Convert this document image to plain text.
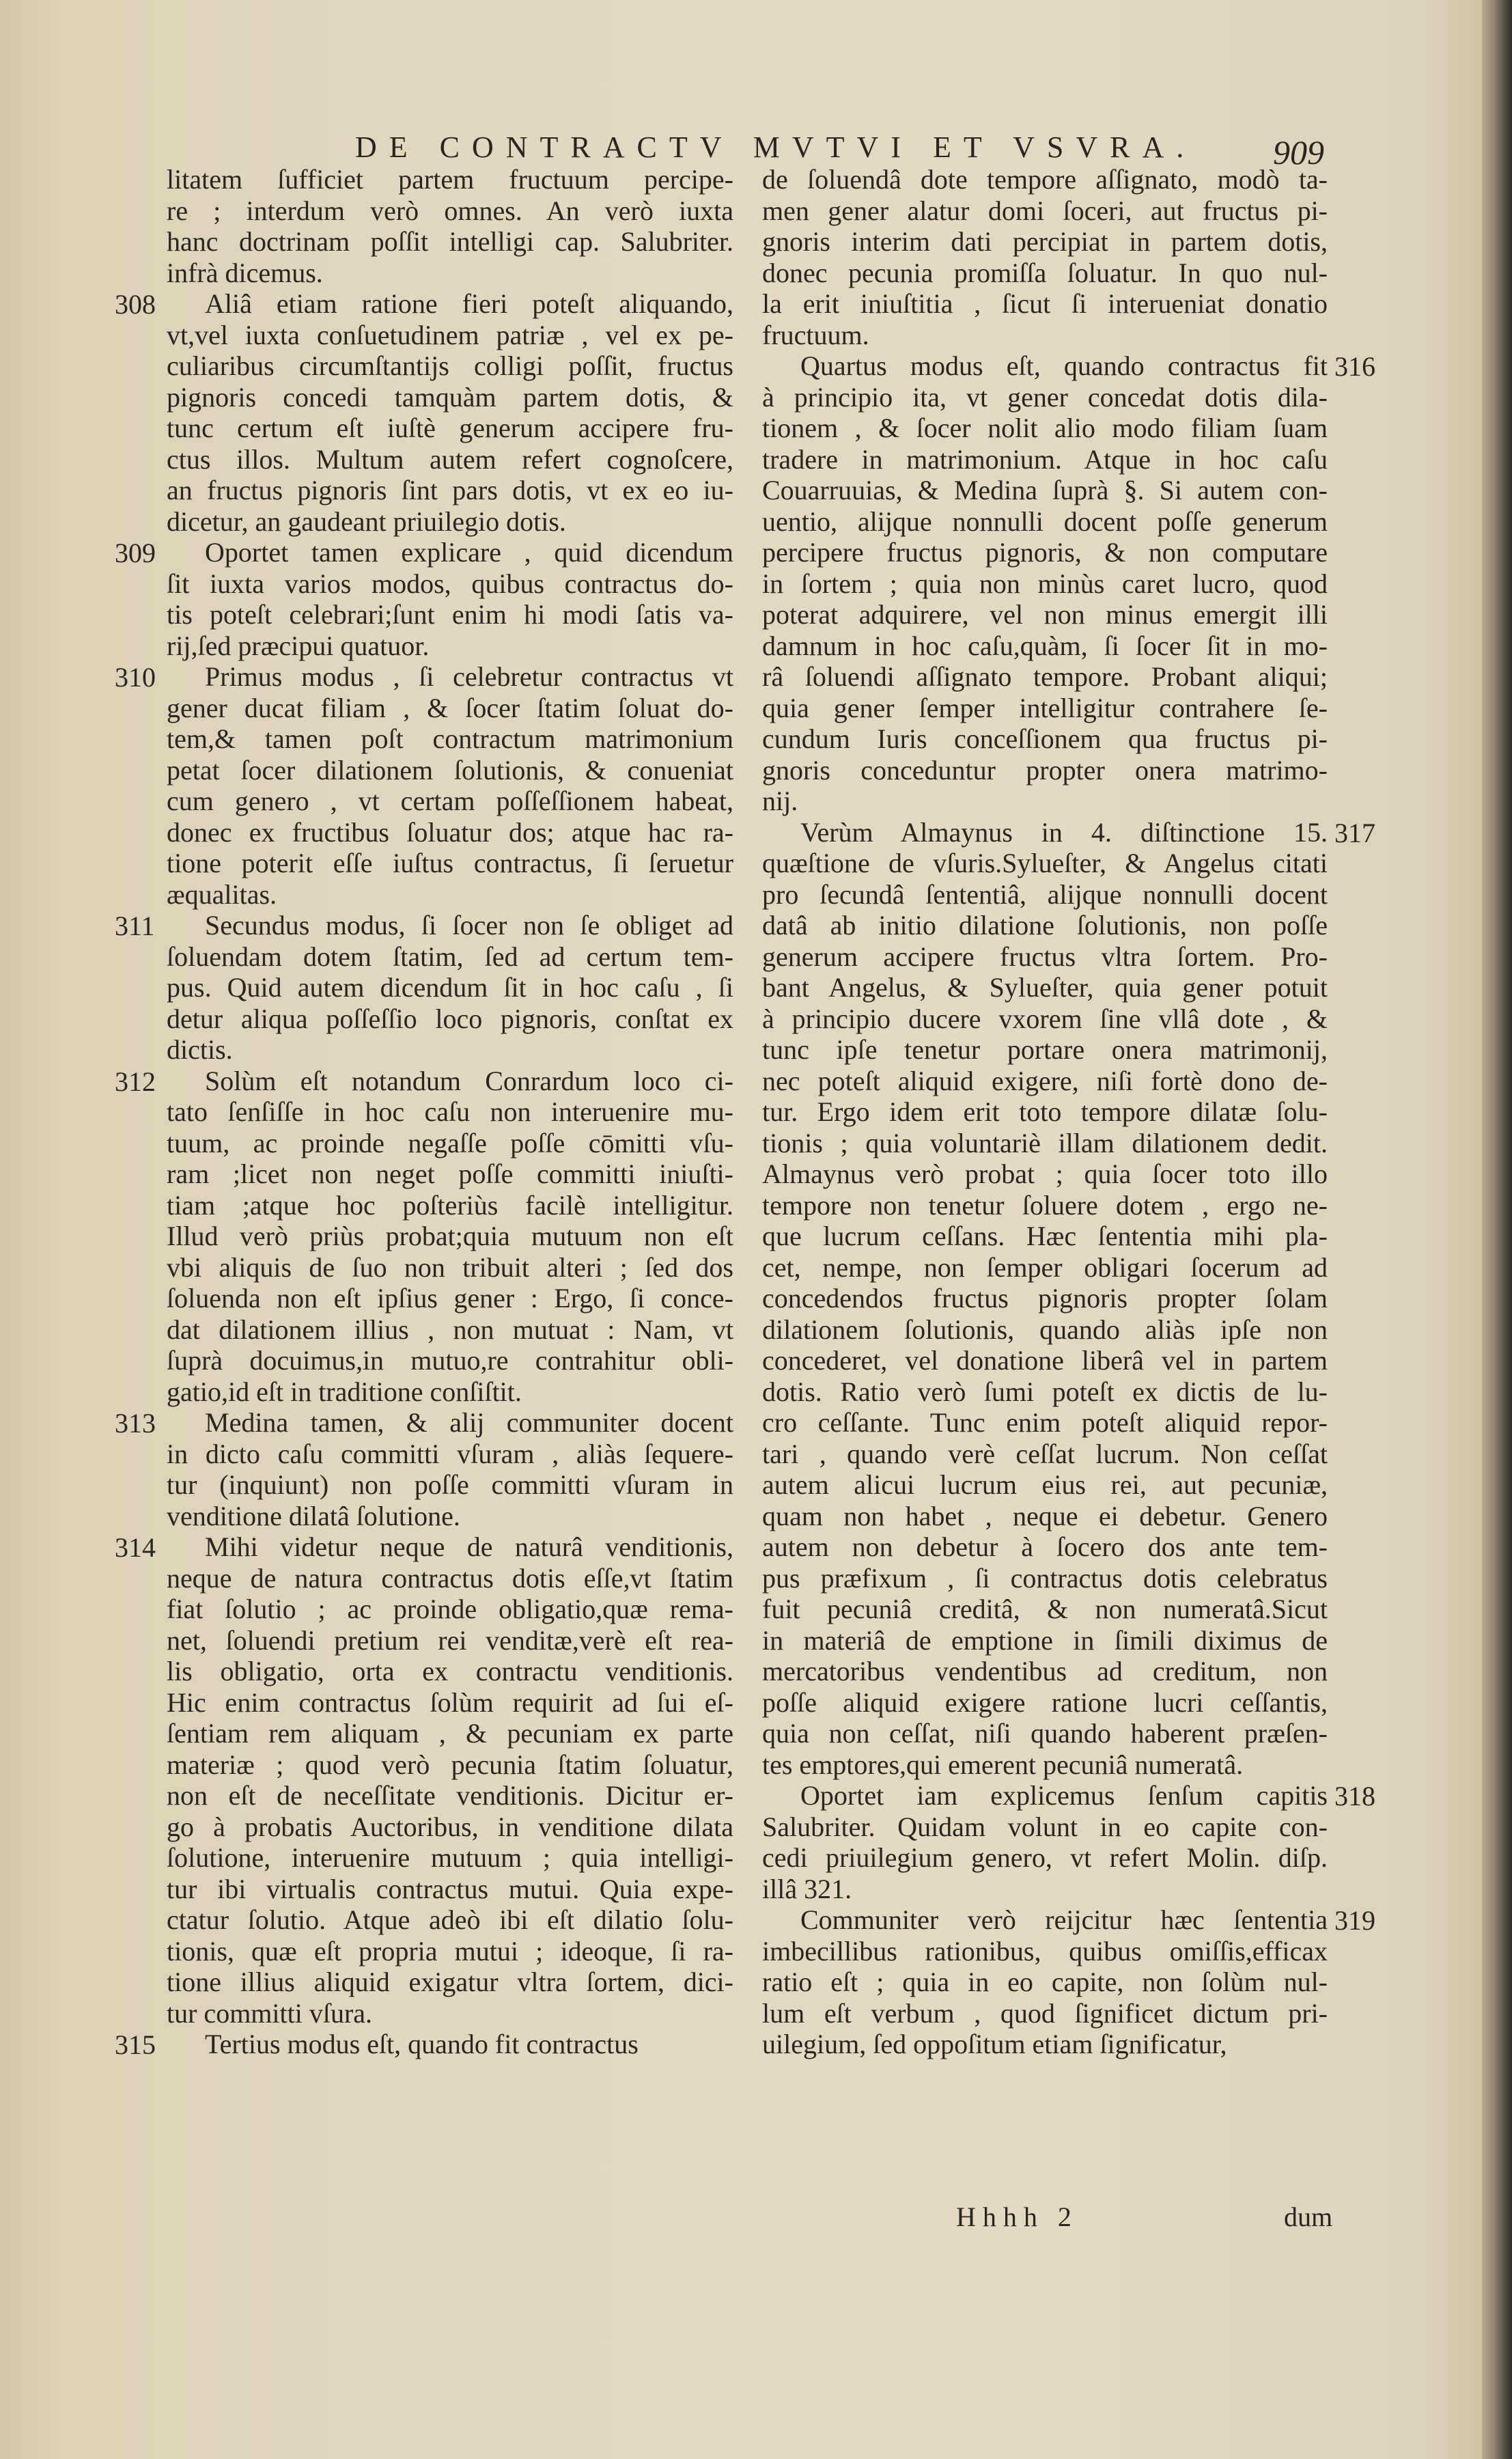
DE CONTRACTV MVTVI ET VSVRA. 909
litatem ſufficiet partem fructuum percipe-
re ; interdum verò omnes. An verò iuxta
hanc doctrinam poſſit intelligi cap. Salubriter.
infrà dicemus.
Aliâ etiam ratione fieri poteſt aliquando,
vt,vel iuxta conſuetudinem patriæ , vel ex pe-
culiaribus circumſtantijs colligi poſſit, fructus
pignoris concedi tamquàm partem dotis, &
tunc certum eſt iuſtè generum accipere fru-
ctus illos. Multum autem refert cognoſcere,
an fructus pignoris ſint pars dotis, vt ex eo iu-
dicetur, an gaudeant priuilegio dotis.
Oportet tamen explicare , quid dicendum
ſit iuxta varios modos, quibus contractus do-
tis poteſt celebrari;ſunt enim hi modi ſatis va-
rij,ſed præcipui quatuor.
Primus modus , ſi celebretur contractus vt
gener ducat filiam , & ſocer ſtatim ſoluat do-
tem,& tamen poſt contractum matrimonium
petat ſocer dilationem ſolutionis, & conueniat
cum genero , vt certam poſſeſſionem habeat,
donec ex fructibus ſoluatur dos; atque hac ra-
tione poterit eſſe iuſtus contractus, ſi ſeruetur
æqualitas.
Secundus modus, ſi ſocer non ſe obliget ad
ſoluendam dotem ſtatim, ſed ad certum tem-
pus. Quid autem dicendum ſit in hoc caſu , ſi
detur aliqua poſſeſſio loco pignoris, conſtat ex
dictis.
Solùm eſt notandum Conrardum loco ci-
tato ſenſiſſe in hoc caſu non interuenire mu-
tuum, ac proinde negaſſe poſſe cōmitti vſu-
ram ;licet non neget poſſe committi iniuſti-
tiam ;atque hoc poſteriùs facilè intelligitur.
Illud verò priùs probat;quia mutuum non eſt
vbi aliquis de ſuo non tribuit alteri ; ſed dos
ſoluenda non eſt ipſius gener : Ergo, ſi conce-
dat dilationem illius , non mutuat : Nam, vt
ſuprà docuimus,in mutuo,re contrahitur obli-
gatio,id eſt in traditione conſiſtit.
Medina tamen, & alij communiter docent
in dicto caſu committi vſuram , aliàs ſequere-
tur (inquiunt) non poſſe committi vſuram in
venditione dilatâ ſolutione.
Mihi videtur neque de naturâ venditionis,
neque de natura contractus dotis eſſe,vt ſtatim
fiat ſolutio ; ac proinde obligatio,quæ rema-
net, ſoluendi pretium rei venditæ,verè eſt rea-
lis obligatio, orta ex contractu venditionis.
Hic enim contractus ſolùm requirit ad ſui eſ-
ſentiam rem aliquam , & pecuniam ex parte
materiæ ; quod verò pecunia ſtatim ſoluatur,
non eſt de neceſſitate venditionis. Dicitur er-
go à probatis Auctoribus, in venditione dilata
ſolutione, interuenire mutuum ; quia intelligi-
tur ibi virtualis contractus mutui. Quia expe-
ctatur ſolutio. Atque adeò ibi eſt dilatio ſolu-
tionis, quæ eſt propria mutui ; ideoque, ſi ra-
tione illius aliquid exigatur vltra ſortem, dici-
tur committi vſura.
Tertius modus eſt, quando fit contractus
de ſoluendâ dote tempore aſſignato, modò ta-
men gener alatur domi ſoceri, aut fructus pi-
gnoris interim dati percipiat in partem dotis,
donec pecunia promiſſa ſoluatur. In quo nul-
la erit iniuſtitia , ſicut ſi interueniat donatio
fructuum.
Quartus modus eſt, quando contractus fit
à principio ita, vt gener concedat dotis dila-
tionem , & ſocer nolit alio modo filiam ſuam
tradere in matrimonium. Atque in hoc caſu
Couarruuias, & Medina ſuprà §. Si autem con-
uentio, alijque nonnulli docent poſſe generum
percipere fructus pignoris, & non computare
in ſortem ; quia non minùs caret lucro, quod
poterat adquirere, vel non minus emergit illi
damnum in hoc caſu,quàm, ſi ſocer ſit in mo-
râ ſoluendi aſſignato tempore. Probant aliqui;
quia gener ſemper intelligitur contrahere ſe-
cundum Iuris conceſſionem qua fructus pi-
gnoris conceduntur propter onera matrimo-
nij.
Verùm Almaynus in 4. diſtinctione 15.
quæſtione de vſuris.Sylueſter, & Angelus citati
pro ſecundâ ſententiâ, alijque nonnulli docent
datâ ab initio dilatione ſolutionis, non poſſe
generum accipere fructus vltra ſortem. Pro-
bant Angelus, & Sylueſter, quia gener potuit
à principio ducere vxorem ſine vllâ dote , &
tunc ipſe tenetur portare onera matrimonij,
nec poteſt aliquid exigere, niſi fortè dono de-
tur. Ergo idem erit toto tempore dilatæ ſolu-
tionis ; quia voluntariè illam dilationem dedit.
Almaynus verò probat ; quia ſocer toto illo
tempore non tenetur ſoluere dotem , ergo ne-
que lucrum ceſſans. Hæc ſententia mihi pla-
cet, nempe, non ſemper obligari ſocerum ad
concedendos fructus pignoris propter ſolam
dilationem ſolutionis, quando aliàs ipſe non
concederet, vel donatione liberâ vel in partem
dotis. Ratio verò ſumi poteſt ex dictis de lu-
cro ceſſante. Tunc enim poteſt aliquid repor-
tari , quando verè ceſſat lucrum. Non ceſſat
autem alicui lucrum eius rei, aut pecuniæ,
quam non habet , neque ei debetur. Genero
autem non debetur à ſocero dos ante tem-
pus præfixum , ſi contractus dotis celebratus
fuit pecuniâ creditâ, & non numeratâ.Sicut
in materiâ de emptione in ſimili diximus de
mercatoribus vendentibus ad creditum, non
poſſe aliquid exigere ratione lucri ceſſantis,
quia non ceſſat, niſi quando haberent præſen-
tes emptores,qui emerent pecuniâ numeratâ.
Oportet iam explicemus ſenſum capitis
Salubriter. Quidam volunt in eo capite con-
cedi priuilegium genero, vt refert Molin. diſp.
illâ 321.
Communiter verò reijcitur hæc ſententia
imbecillibus rationibus, quibus omiſſis,efficax
ratio eſt ; quia in eo capite, non ſolùm nul-
lum eſt verbum , quod ſignificet dictum pri-
uilegium, ſed oppoſitum etiam ſignificatur,
308
309
310
311
312
313
314
315
316
317
318
319
Hhhh 2	dum
